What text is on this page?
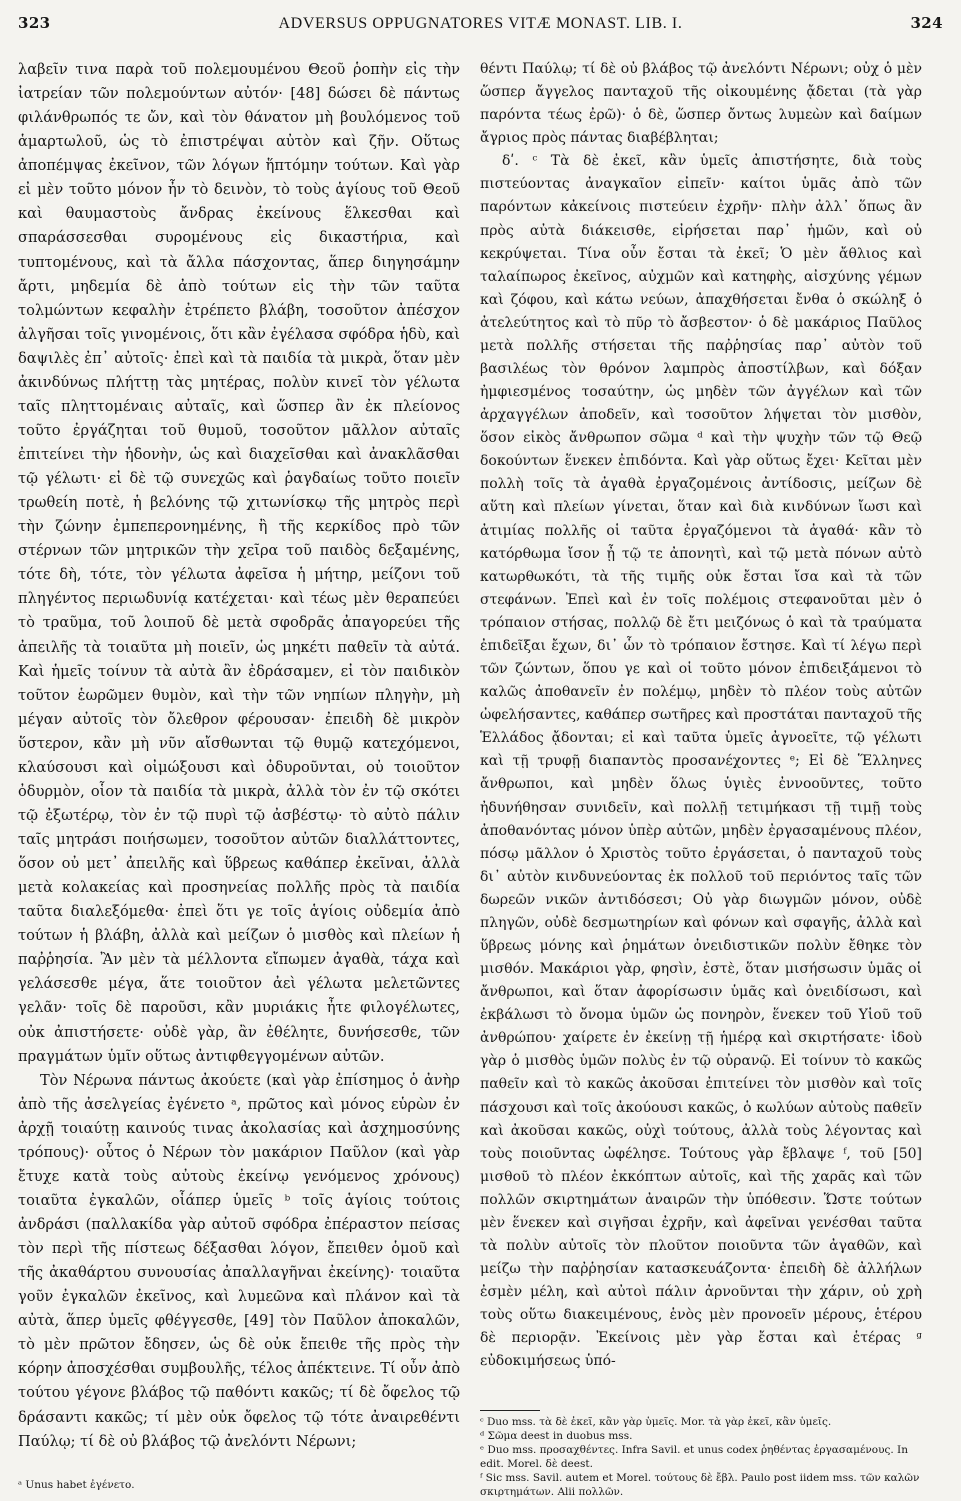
323	ADVERSUS OPPUGNATORES VITÆ MONAST. LIB. I.	324

λαβεῖν τινα παρὰ τοῦ πολεμουμένου Θεοῦ ῥοπὴν εἰς τὴν ἰατρείαν τῶν πολεμούντων αὐτόν· [48] δώσει δὲ πάντως φιλάνθρωπός τε ὤν, καὶ τὸν θάνατον μὴ βουλόμενος τοῦ ἁμαρτωλοῦ, ὡς τὸ ἐπιστρέψαι αὐτὸν καὶ ζῆν. Οὕτως ἀποπέμψας ἐκεῖνον, τῶν λόγων ἥπτόμην τούτων. Καὶ γὰρ εἰ μὲν τοῦτο μόνον ἦν τὸ δεινὸν, τὸ τοὺς ἁγίους τοῦ Θεοῦ καὶ θαυμαστοὺς ἄνδρας ἐκείνους ἕλκεσθαι καὶ σπαράσσεσθαι συρομένους εἰς δικαστήρια, καὶ τυπτομένους, καὶ τὰ ἄλλα πάσχοντας, ἅπερ διηγησάμην ἄρτι, μηδεμία δὲ ἀπὸ τούτων εἰς τὴν τῶν ταῦτα τολμώντων κεφαλὴν ἐτρέπετο βλάβη, τοσοῦτον ἀπέσχον ἀλγῆσαι τοῖς γινομένοις, ὅτι κἂν ἐγέλασα σφόδρα ἡδὺ, καὶ δαψιλὲς ἐπ᾽ αὐτοῖς· ἐπεὶ καὶ τὰ παιδία τὰ μικρὰ, ὅταν μὲν ἀκινδύνως πλήττῃ τὰς μητέρας, πολὺν κινεῖ τὸν γέλωτα ταῖς πληττομέναις αὐταῖς, καὶ ὥσπερ ἂν ἐκ πλείονος τοῦτο ἐργάζηται τοῦ θυμοῦ, τοσοῦτον μᾶλλον αὐταῖς ἐπιτείνει τὴν ἡδονὴν, ὡς καὶ διαχεῖσθαι καὶ ἀνακλᾶσθαι τῷ γέλωτι· εἰ δὲ τῷ συνεχῶς καὶ ῥαγδαίως τοῦτο ποιεῖν τρωθείη ποτὲ, ἡ βελόνης τῷ χιτωνίσκῳ τῆς μητρὸς περὶ τὴν ζώνην ἐμπεπερονημένης, ἢ τῆς κερκίδος πρὸ τῶν στέρνων τῶν μητρικῶν τὴν χεῖρα τοῦ παιδὸς δεξαμένης, τότε δὴ, τότε, τὸν γέλωτα ἀφεῖσα ἡ μήτηρ, μείζονι τοῦ πληγέντος περιωδυνίᾳ κατέχεται· καὶ τέως μὲν θεραπεύει τὸ τραῦμα, τοῦ λοιποῦ δὲ μετὰ σφοδρᾶς ἀπαγορεύει τῆς ἀπειλῆς τὰ τοιαῦτα μὴ ποιεῖν, ὡς μηκέτι παθεῖν τὰ αὐτά. Καὶ ἡμεῖς τοίνυν τὰ αὐτὰ ἂν ἐδράσαμεν, εἰ τὸν παιδικὸν τοῦτον ἑωρῶμεν θυμὸν, καὶ τὴν τῶν νηπίων πληγὴν, μὴ μέγαν αὐτοῖς τὸν ὄλεθρον φέρουσαν· ἐπειδὴ δὲ μικρὸν ὕστερον, κἂν μὴ νῦν αἴσθωνται τῷ θυμῷ κατεχόμενοι, κλαύσουσι καὶ οἰμώξουσι καὶ ὀδυροῦνται, οὐ τοιοῦτον ὀδυρμὸν, οἷον τὰ παιδία τὰ μικρὰ, ἀλλὰ τὸν ἐν τῷ σκότει τῷ ἐξωτέρῳ, τὸν ἐν τῷ πυρὶ τῷ ἀσβέστῳ· τὸ αὐτὸ πάλιν ταῖς μητράσι ποιήσωμεν, τοσοῦτον αὐτῶν διαλλάττοντες, ὅσον οὐ μετ᾽ ἀπειλῆς καὶ ὕβρεως καθάπερ ἐκεῖναι, ἀλλὰ μετὰ κολακείας καὶ προσηνείας πολλῆς πρὸς τὰ παιδία ταῦτα διαλεξόμεθα· ἐπεὶ ὅτι γε τοῖς ἁγίοις οὐδεμία ἀπὸ τούτων ἡ βλάβη, ἀλλὰ καὶ μείζων ὁ μισθὸς καὶ πλείων ἡ παῤῥησία. Ἂν μὲν τὰ μέλλοντα εἴπωμεν ἀγαθὰ, τάχα καὶ γελάσεσθε μέγα, ἅτε τοιοῦτον ἀεὶ γέλωτα μελετῶντες γελᾶν· τοῖς δὲ παροῦσι, κἂν μυριάκις ἦτε φιλογέλωτες, οὐκ ἀπιστήσετε· οὐδὲ γὰρ, ἂν ἐθέλητε, δυνήσεσθε, τῶν πραγμάτων ὑμῖν οὕτως ἀντιφθεγγομένων αὐτῶν.

Τὸν Νέρωνα πάντως ἀκούετε (καὶ γὰρ ἐπίσημος ὁ ἀνὴρ ἀπὸ τῆς ἀσελγείας ἐγένετο ᵃ, πρῶτος καὶ μόνος εὑρὼν ἐν ἀρχῇ τοιαύτῃ καινούς τινας ἀκολασίας καὶ ἀσχημοσύνης τρόπους)· οὗτος ὁ Νέρων τὸν μακάριον Παῦλον (καὶ γὰρ ἔτυχε κατὰ τοὺς αὐτοὺς ἐκείνῳ γενόμενος χρόνους) τοιαῦτα ἐγκαλῶν, οἷάπερ ὑμεῖς ᵇ τοῖς ἁγίοις τούτοις ἀνδράσι (παλλακίδα γὰρ αὐτοῦ σφόδρα ἐπέραστον πείσας τὸν περὶ τῆς πίστεως δέξασθαι λόγον, ἔπειθεν ὁμοῦ καὶ τῆς ἀκαθάρτου συνουσίας ἀπαλλαγῆναι ἐκείνης)· τοιαῦτα γοῦν ἐγκαλῶν ἐκεῖνος, καὶ λυμεῶνα καὶ πλάνον καὶ τὰ αὐτὰ, ἅπερ ὑμεῖς φθέγγεσθε, [49] τὸν Παῦλον ἀποκαλῶν, τὸ μὲν πρῶτον ἔδησεν, ὡς δὲ οὐκ ἔπειθε τῆς πρὸς τὴν κόρην ἀποσχέσθαι συμβουλῆς, τέλος ἀπέκτεινε. Τί οὖν ἀπὸ τούτου γέγονε βλάβος τῷ παθόντι κακῶς; τί δὲ ὄφελος τῷ δράσαντι κακῶς; τί μὲν οὐκ ὄφελος τῷ τότε ἀναιρεθέντι Παύλῳ; τί δὲ οὐ βλάβος τῷ ἀνελόντι Νέρωνι;

ᵃ Unus habet ἐγένετο.

θέντι Παύλῳ; τί δὲ οὐ βλάβος τῷ ἀνελόντι Νέρωνι; οὐχ ὁ μὲν ὥσπερ ἄγγελος πανταχοῦ τῆς οἰκουμένης ᾄδεται (τὰ γὰρ παρόντα τέως ἐρῶ)· ὁ δὲ, ὥσπερ ὄντως λυμεὼν καὶ δαίμων ἄγριος πρὸς πάντας διαβέβληται;

δʹ. ᶜ Τὰ δὲ ἐκεῖ, κἂν ὑμεῖς ἀπιστήσητε, διὰ τοὺς πιστεύοντας ἀναγκαῖον εἰπεῖν· καίτοι ὑμᾶς ἀπὸ τῶν παρόντων κἀκείνοις πιστεύειν ἐχρῆν· πλὴν ἀλλ᾽ ὅπως ἂν πρὸς αὐτὰ διάκεισθε, εἰρήσεται παρ᾽ ἡμῶν, καὶ οὐ κεκρύψεται. Τίνα οὖν ἔσται τὰ ἐκεῖ; Ὁ μὲν ἄθλιος καὶ ταλαίπωρος ἐκεῖνος, αὐχμῶν καὶ κατηφὴς, αἰσχύνης γέμων καὶ ζόφου, καὶ κάτω νεύων, ἀπαχθήσεται ἔνθα ὁ σκώληξ ὁ ἀτελεύτητος καὶ τὸ πῦρ τὸ ἄσβεστον· ὁ δὲ μακάριος Παῦλος μετὰ πολλῆς στήσεται τῆς παῤῥησίας παρ᾽ αὐτὸν τοῦ βασιλέως τὸν θρόνον λαμπρὸς ἀποστίλβων, καὶ δόξαν ἠμφιεσμένος τοσαύτην, ὡς μηδὲν τῶν ἀγγέλων καὶ τῶν ἀρχαγγέλων ἀποδεῖν, καὶ τοσοῦτον λήψεται τὸν μισθὸν, ὅσον εἰκὸς ἄνθρωπον σῶμα ᵈ καὶ τὴν ψυχὴν τῶν τῷ Θεῷ δοκούντων ἕνεκεν ἐπιδόντα. Καὶ γὰρ οὕτως ἔχει· Κεῖται μὲν πολλὴ τοῖς τὰ ἀγαθὰ ἐργαζομένοις ἀντίδοσις, μείζων δὲ αὕτη καὶ πλείων γίνεται, ὅταν καὶ διὰ κινδύνων ἴωσι καὶ ἀτιμίας πολλῆς οἱ ταῦτα ἐργαζόμενοι τὰ ἀγαθά· κἂν τὸ κατόρθωμα ἴσον ᾖ τῷ τε ἀπονητὶ, καὶ τῷ μετὰ πόνων αὐτὸ κατωρθωκότι, τὰ τῆς τιμῆς οὐκ ἔσται ἴσα καὶ τὰ τῶν στεφάνων. Ἐπεὶ καὶ ἐν τοῖς πολέμοις στεφανοῦται μὲν ὁ τρόπαιον στήσας, πολλῷ δὲ ἔτι μειζόνως ὁ καὶ τὰ τραύματα ἐπιδεῖξαι ἔχων, δι᾽ ὧν τὸ τρόπαιον ἔστησε. Καὶ τί λέγω περὶ τῶν ζώντων, ὅπου γε καὶ οἱ τοῦτο μόνον ἐπιδειξάμενοι τὸ καλῶς ἀποθανεῖν ἐν πολέμῳ, μηδὲν τὸ πλέον τοὺς αὐτῶν ὠφελήσαντες, καθάπερ σωτῆρες καὶ προστάται πανταχοῦ τῆς Ἑλλάδος ᾄδονται; εἰ καὶ ταῦτα ὑμεῖς ἀγνοεῖτε, τῷ γέλωτι καὶ τῇ τρυφῇ διαπαντὸς προσανέχοντες ᵉ; Εἰ δὲ Ἕλληνες ἄνθρωποι, καὶ μηδὲν ὅλως ὑγιὲς ἐννοοῦντες, τοῦτο ἠδυνήθησαν συνιδεῖν, καὶ πολλῇ τετιμήκασι τῇ τιμῇ τοὺς ἀποθανόντας μόνον ὑπὲρ αὐτῶν, μηδὲν ἐργασαμένους πλέον, πόσῳ μᾶλλον ὁ Χριστὸς τοῦτο ἐργάσεται, ὁ πανταχοῦ τοὺς δι᾽ αὐτὸν κινδυνεύοντας ἐκ πολλοῦ τοῦ περιόντος ταῖς τῶν δωρεῶν νικῶν ἀντιδόσεσι; Οὐ γὰρ διωγμῶν μόνον, οὐδὲ πληγῶν, οὐδὲ δεσμωτηρίων καὶ φόνων καὶ σφαγῆς, ἀλλὰ καὶ ὕβρεως μόνης καὶ ῥημάτων ὀνειδιστικῶν πολὺν ἔθηκε τὸν μισθόν. Μακάριοι γὰρ, φησὶν, ἐστὲ, ὅταν μισήσωσιν ὑμᾶς οἱ ἄνθρωποι, καὶ ὅταν ἀφορίσωσιν ὑμᾶς καὶ ὀνειδίσωσι, καὶ ἐκβάλωσι τὸ ὄνομα ὑμῶν ὡς πονηρὸν, ἕνεκεν τοῦ Υἱοῦ τοῦ ἀνθρώπου· χαίρετε ἐν ἐκείνῃ τῇ ἡμέρᾳ καὶ σκιρτήσατε· ἰδοὺ γὰρ ὁ μισθὸς ὑμῶν πολὺς ἐν τῷ οὐρανῷ. Εἰ τοίνυν τὸ κακῶς παθεῖν καὶ τὸ κακῶς ἀκοῦσαι ἐπιτείνει τὸν μισθὸν καὶ τοῖς πάσχουσι καὶ τοῖς ἀκούουσι κακῶς, ὁ κωλύων αὐτοὺς παθεῖν καὶ ἀκοῦσαι κακῶς, οὐχὶ τούτους, ἀλλὰ τοὺς λέγοντας καὶ τοὺς ποιοῦντας ὠφέλησε. Τούτους γὰρ ἔβλαψε ᶠ, τοῦ [50] μισθοῦ τὸ πλέον ἐκκόπτων αὐτοῖς, καὶ τῆς χαρᾶς καὶ τῶν πολλῶν σκιρτημάτων ἀναιρῶν τὴν ὑπόθεσιν. Ὥστε τούτων μὲν ἕνεκεν καὶ σιγῆσαι ἐχρῆν, καὶ ἀφεῖναι γενέσθαι ταῦτα τὰ πολὺν αὐτοῖς τὸν πλοῦτον ποιοῦντα τῶν ἀγαθῶν, καὶ μείζω τὴν παῤῥησίαν κατασκευάζοντα· ἐπειδὴ δὲ ἀλλήλων ἐσμὲν μέλη, καὶ αὐτοὶ πάλιν ἀρνοῦνται τὴν χάριν, οὐ χρὴ τοὺς οὕτω διακειμένους, ἑνὸς μὲν προνοεῖν μέρους, ἑτέρου δὲ περιορᾷν. Ἐκείνοις μὲν γὰρ ἔσται καὶ ἑτέρας ᵍ εὐδοκιμήσεως ὑπό-

ᶜ Duo mss. τὰ δὲ ἐκεῖ, κἂν γὰρ ὑμεῖς. Mor. τὰ γὰρ ἐκεῖ, κἂν ὑμεῖς.

ᵈ Σῶμα deest in duobus mss.

ᵉ Duo mss. προσαχθέντες. Infra Savil. et unus codex ῥηθέντας ἐργασαμένους. In edit. Morel. δὲ deest.

ᶠ Sic mss. Savil. autem et Morel. τούτους δὲ ἔβλ. Paulo post iidem mss. τῶν καλῶν σκιρτημάτων. Alii πολλῶν.
